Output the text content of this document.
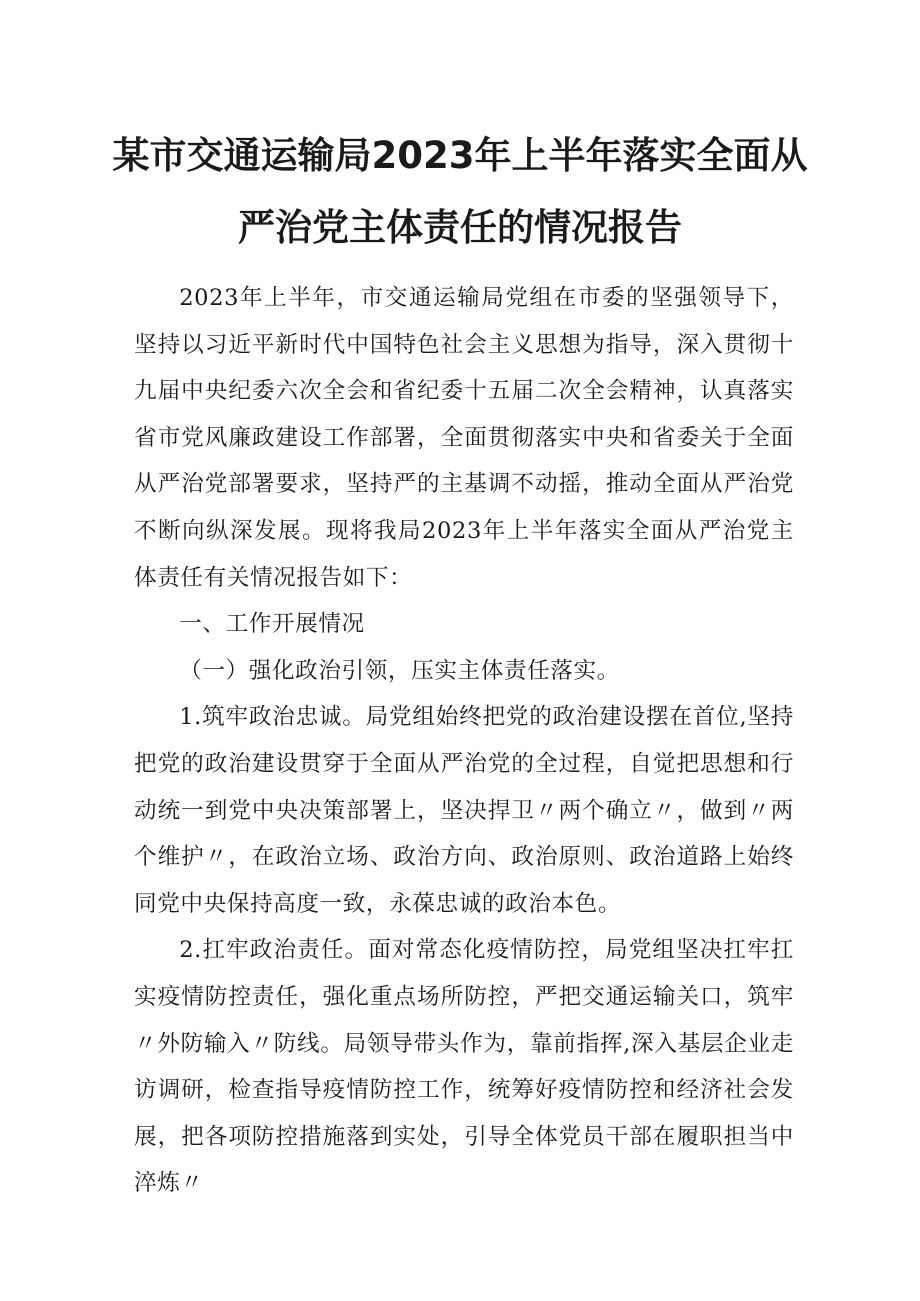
某市交通运输局2023年上半年落实全面从
严治党主体责任的情况报告

2023年上半年，市交通运输局党组在市委的坚强领导下，坚持以习近平新时代中国特色社会主义思想为指导，深入贯彻十九届中央纪委六次全会和省纪委十五届二次全会精神，认真落实省市党风廉政建设工作部署，全面贯彻落实中央和省委关于全面从严治党部署要求，坚持严的主基调不动摇，推动全面从严治党不断向纵深发展。现将我局2023年上半年落实全面从严治党主体责任有关情况报告如下：

一、工作开展情况

（一）强化政治引领，压实主体责任落实。

1.筑牢政治忠诚。局党组始终把党的政治建设摆在首位,坚持把党的政治建设贯穿于全面从严治党的全过程，自觉把思想和行动统一到党中央决策部署上，坚决捍卫〃两个确立〃，做到〃两个维护〃，在政治立场、政治方向、政治原则、政治道路上始终同党中央保持高度一致，永葆忠诚的政治本色。

2.扛牢政治责任。面对常态化疫情防控，局党组坚决扛牢扛实疫情防控责任，强化重点场所防控，严把交通运输关口，筑牢〃外防输入〃防线。局领导带头作为，靠前指挥,深入基层企业走访调研，检查指导疫情防控工作，统筹好疫情防控和经济社会发展，把各项防控措施落到实处，引导全体党员干部在履职担当中淬炼〃
